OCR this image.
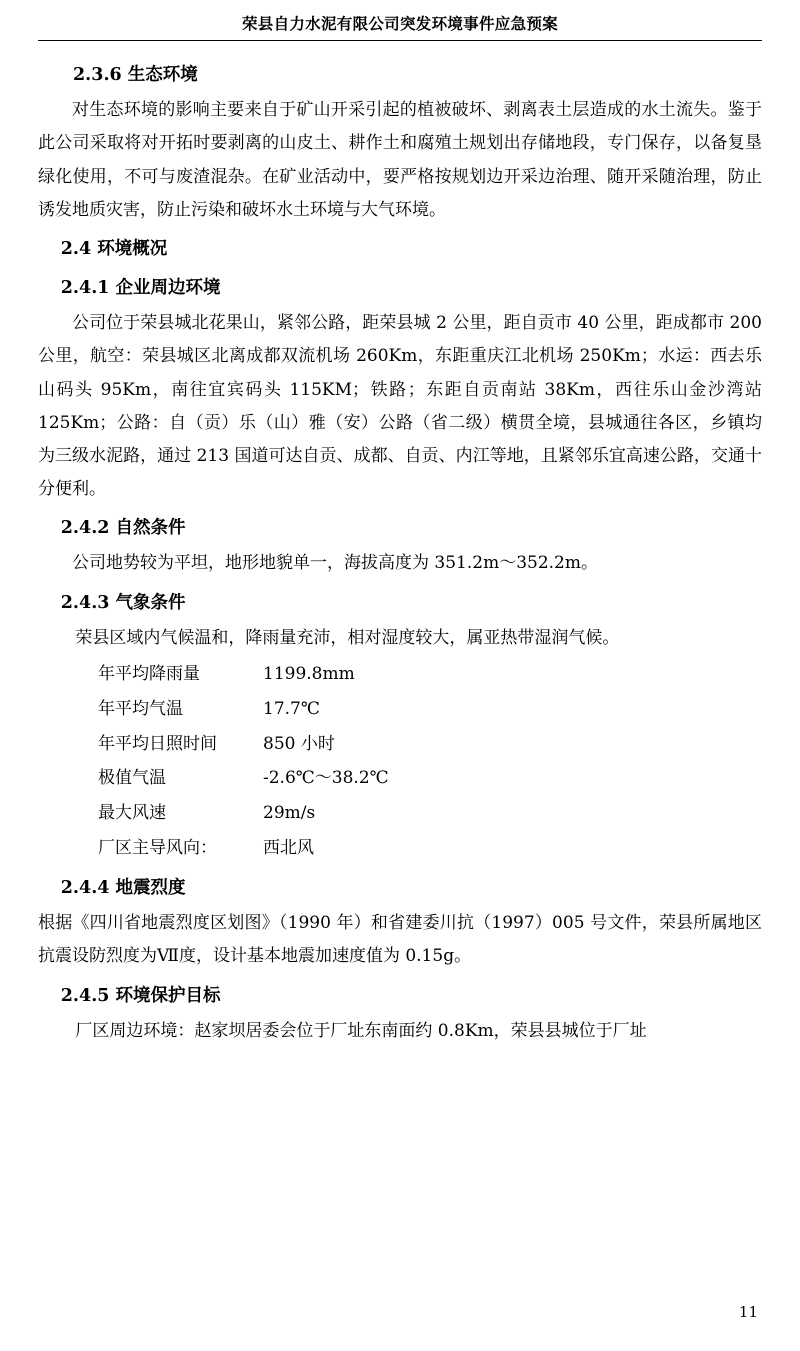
荣县自力水泥有限公司突发环境事件应急预案
2.3.6 生态环境

对生态环境的影响主要来自于矿山开采引起的植被破坏、剥离表土层造成的水土流失。鉴于此公司采取将对开拓时要剥离的山皮土、耕作土和腐殖土规划出存储地段，专门保存，以备复垦绿化使用，不可与废渣混杂。在矿业活动中，要严格按规划边开采边治理、随开采随治理，防止诱发地质灾害，防止污染和破坏水土环境与大气环境。

2.4 环境概况
2.4.1 企业周边环境

公司位于荣县城北花果山，紧邻公路，距荣县城 2 公里，距自贡市 40 公里，距成都市 200 公里，航空：荣县城区北离成都双流机场 260Km，东距重庆江北机场 250Km；水运：西去乐山码头 95Km，南往宜宾码头 115KM；铁路；东距自贡南站 38Km，西往乐山金沙湾站 125Km；公路：自（贡）乐（山）雅（安）公路（省二级）横贯全境，县城通往各区，乡镇均为三级水泥路，通过 213 国道可达自贡、成都、自贡、内江等地，且紧邻乐宜高速公路，交通十分便利。

2.4.2 自然条件

公司地势较为平坦，地形地貌单一，海拔高度为 351.2m～352.2m。

2.4.3 气象条件

荣县区域内气候温和，降雨量充沛，相对湿度较大，属亚热带湿润气候。

年平均降雨量	1199.8mm
年平均气温	17.7℃
年平均日照时间	850 小时
极值气温	-2.6℃～38.2℃
最大风速	29m/s
厂区主导风向：	西北风
2.4.4 地震烈度

根据《四川省地震烈度区划图》（1990 年）和省建委川抗（1997）005 号文件，荣县所属地区抗震设防烈度为Ⅶ度，设计基本地震加速度值为 0.15g。

2.4.5 环境保护目标

厂区周边环境：赵家坝居委会位于厂址东南面约 0.8Km，荣县县城位于厂址

11
